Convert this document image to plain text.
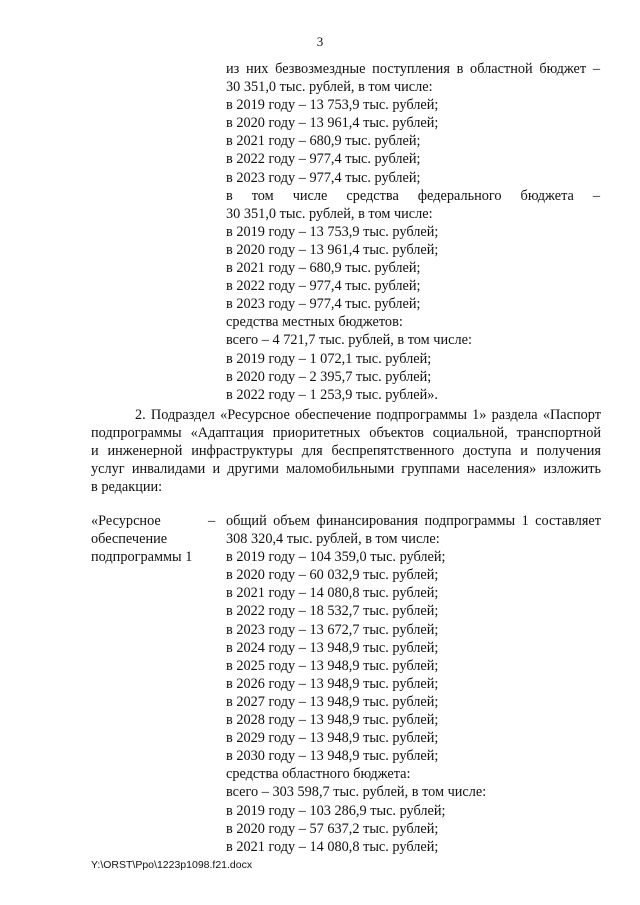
3
из них безвозмездные поступления в областной бюджет –
30 351,0 тыс. рублей, в том числе:
в 2019 году – 13 753,9 тыс. рублей;
в 2020 году – 13 961,4 тыс. рублей;
в 2021 году – 680,9 тыс. рублей;
в 2022 году – 977,4 тыс. рублей;
в 2023 году – 977,4 тыс. рублей;
в том числе средства федерального бюджета –
30 351,0 тыс. рублей, в том числе:
в 2019 году – 13 753,9 тыс. рублей;
в 2020 году – 13 961,4 тыс. рублей;
в 2021 году – 680,9 тыс. рублей;
в 2022 году – 977,4 тыс. рублей;
в 2023 году – 977,4 тыс. рублей;
средства местных бюджетов:
всего – 4 721,7 тыс. рублей, в том числе:
в 2019 году – 1 072,1 тыс. рублей;
в 2020 году – 2 395,7 тыс. рублей;
в 2022 году – 1 253,9 тыс. рублей».
2. Подраздел «Ресурсное обеспечение подпрограммы 1» раздела «Паспорт
подпрограммы «Адаптация приоритетных объектов социальной, транспортной
и инженерной инфраструктуры для беспрепятственного доступа и получения
услуг инвалидами и другими маломобильными группами населения» изложить
в редакции:
«Ресурсное
обеспечение
подпрограммы 1
– общий объем финансирования подпрограммы 1 составляет
308 320,4 тыс. рублей, в том числе:
в 2019 году – 104 359,0 тыс. рублей;
в 2020 году – 60 032,9 тыс. рублей;
в 2021 году – 14 080,8 тыс. рублей;
в 2022 году – 18 532,7 тыс. рублей;
в 2023 году – 13 672,7 тыс. рублей;
в 2024 году – 13 948,9 тыс. рублей;
в 2025 году – 13 948,9 тыс. рублей;
в 2026 году – 13 948,9 тыс. рублей;
в 2027 году – 13 948,9 тыс. рублей;
в 2028 году – 13 948,9 тыс. рублей;
в 2029 году – 13 948,9 тыс. рублей;
в 2030 году – 13 948,9 тыс. рублей;
средства областного бюджета:
всего – 303 598,7 тыс. рублей, в том числе:
в 2019 году – 103 286,9 тыс. рублей;
в 2020 году – 57 637,2 тыс. рублей;
в 2021 году – 14 080,8 тыс. рублей;
Y:\ORST\Ppo\1223p1098.f21.docx
